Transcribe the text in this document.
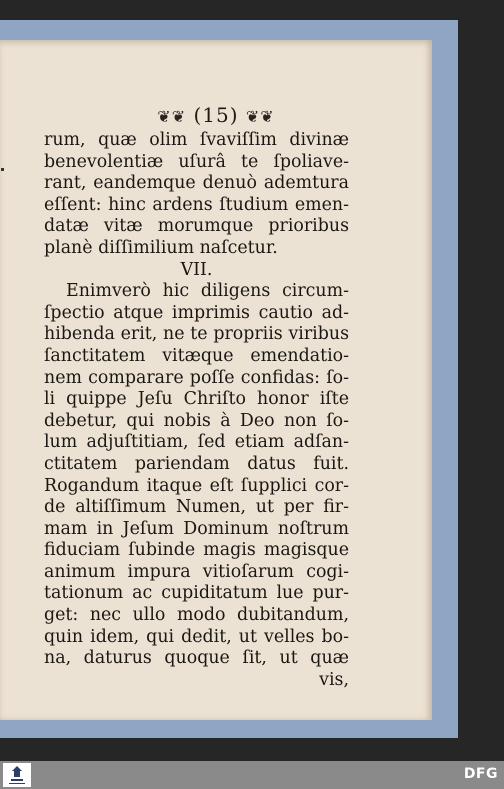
❦❦ (15) ❦❦
rum, quæ olim ſvaviſſim divinæ
benevolentiæ uſurâ te ſpoliave-
rant, eandemque denuò ademtura
eſſent: hinc ardens ſtudium emen-
datæ vitæ morumque prioribus
planè diſſimilium naſcetur.
VII.
Enimverò hic diligens circum-
ſpectio atque imprimis cautio ad-
hibenda erit, ne te propriis viribus
ſanctitatem vitæque emendatio-
nem comparare poſſe confidas: ſo-
li quippe Jeſu Chriſto honor iſte
debetur, qui nobis à Deo non ſo-
lum adjuſtitiam, ſed etiam adſan-
ctitatem pariendam datus fuit.
Rogandum itaque eſt ſupplici cor-
de altiſſimum Numen, ut per fir-
mam in Jeſum Dominum noſtrum
fiduciam ſubinde magis magisque
animum impura vitioſarum cogi-
tationum ac cupiditatum lue pur-
get: nec ullo modo dubitandum,
quin idem, qui dedit, ut velles bo-
na, daturus quoque ſit, ut quæ
vis,
DFG
